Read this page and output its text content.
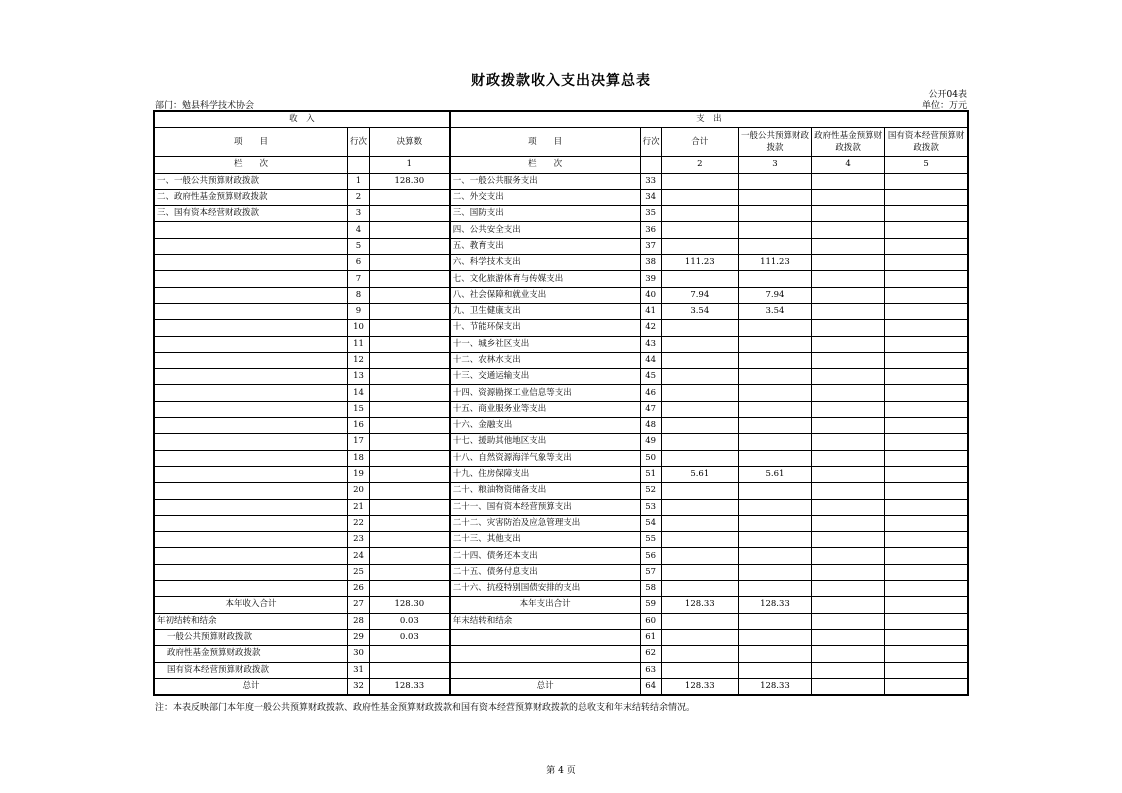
财政拨款收入支出决算总表
公开04表
部门：勉县科学技术协会	单位：万元
收　入			支　出					
项　　目	行次	决算数	项　　目	行次	合计	一般公共预算财政拨款	政府性基金预算财政拨款	国有资本经营预算财政拨款
栏　　次		1	栏　　次		2	3	4	5
一、一般公共预算财政拨款	1	128.30	一、一般公共服务支出	33				
二、政府性基金预算财政拨款	2		二、外交支出	34				
三、国有资本经营财政拨款	3		三、国防支出	35				
	4		四、公共安全支出	36				
	5		五、教育支出	37				
	6		六、科学技术支出	38	111.23	111.23		
	7		七、文化旅游体育与传媒支出	39				
	8		八、社会保障和就业支出	40	7.94	7.94		
	9		九、卫生健康支出	41	3.54	3.54		
	10		十、节能环保支出	42				
	11		十一、城乡社区支出	43				
	12		十二、农林水支出	44				
	13		十三、交通运输支出	45				
	14		十四、资源勘探工业信息等支出	46				
	15		十五、商业服务业等支出	47				
	16		十六、金融支出	48				
	17		十七、援助其他地区支出	49				
	18		十八、自然资源海洋气象等支出	50				
	19		十九、住房保障支出	51	5.61	5.61		
	20		二十、粮油物资储备支出	52				
	21		二十一、国有资本经营预算支出	53				
	22		二十二、灾害防治及应急管理支出	54				
	23		二十三、其他支出	55				
	24		二十四、债务还本支出	56				
	25		二十五、债务付息支出	57				
	26		二十六、抗疫特别国债安排的支出	58				
本年收入合计	27	128.30	本年支出合计	59	128.33	128.33		
年初结转和结余	28	0.03	年末结转和结余	60				
一般公共预算财政拨款	29	0.03		61				
政府性基金预算财政拨款	30			62				
国有资本经营预算财政拨款	31			63				
总计	32	128.33	总计	64	128.33	128.33		
注：本表反映部门本年度一般公共预算财政拨款、政府性基金预算财政拨款和国有资本经营预算财政拨款的总收支和年末结转结余情况。
第 4 页
